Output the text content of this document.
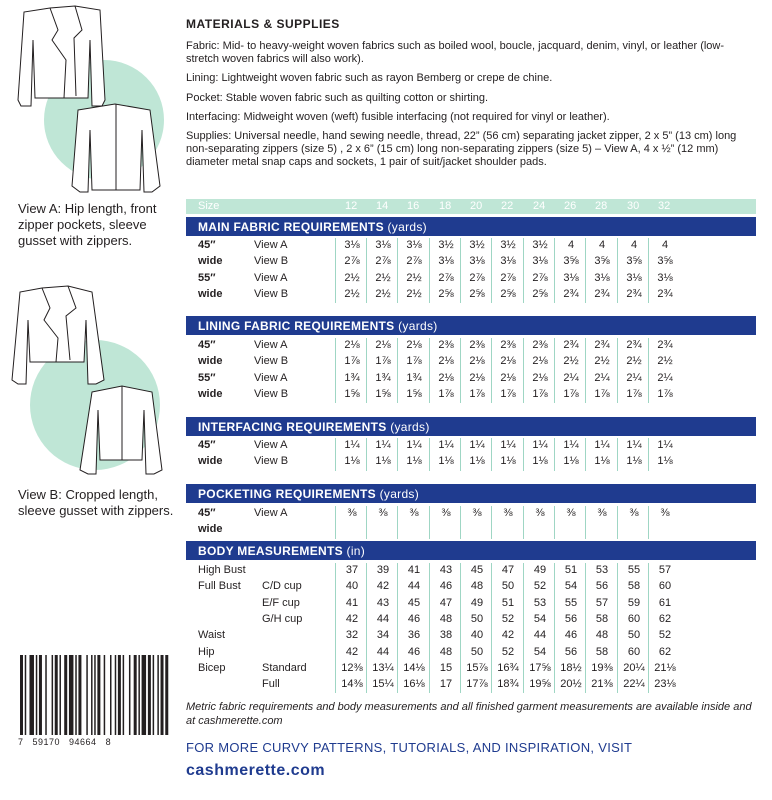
View A: Hip length, front zipper pockets, sleeve gusset with zippers.
View B: Cropped length, sleeve gusset with zippers.
7   59170   94664   8
MATERIALS & SUPPLIES
Fabric: Mid- to heavy-weight woven fabrics such as boiled wool, boucle, jacquard, denim, vinyl, or leather (low-stretch woven fabrics will also work).
Lining: Lightweight woven fabric such as rayon Bemberg or crepe de chine.
Pocket: Stable woven fabric such as quilting cotton or shirting.
Interfacing: Midweight woven (weft) fusible interfacing (not required for vinyl or leather).
Supplies: Universal needle, hand sewing needle, thread, 22” (56 cm) separating jacket zipper, 2 x 5” (13 cm) long non-separating zippers (size 5) , 2 x 6” (15 cm) long non-separating zippers (size 5) – View A, 4 x ½” (12 mm) diameter metal snap caps and sockets, 1 pair of suit/jacket shoulder pads.
Size	12 14 16 18 20 22 24 26 28 30 32
MAIN FABRIC REQUIREMENTS (yards)
45″	View A	3⅛	3⅛	3⅛	3½	3½	3½	3½	4	4	4	4
wide	View B	2⅞	2⅞	2⅞	3⅛	3⅛	3⅛	3⅛	3⅝	3⅝	3⅝	3⅝
55″	View A	2½	2½	2½	2⅞	2⅞	2⅞	2⅞	3⅛	3⅛	3⅛	3⅛
wide	View B	2½	2½	2½	2⅝	2⅝	2⅝	2⅝	2¾	2¾	2¾	2¾
LINING FABRIC REQUIREMENTS (yards)
45″	View A	2⅛	2⅛	2⅛	2⅜	2⅜	2⅜	2⅜	2¾	2¾	2¾	2¾
wide	View B	1⅞	1⅞	1⅞	2⅛	2⅛	2⅛	2⅛	2½	2½	2½	2½
55″	View A	1¾	1¾	1¾	2⅛	2⅛	2⅛	2⅛	2¼	2¼	2¼	2¼
wide	View B	1⅝	1⅝	1⅝	1⅞	1⅞	1⅞	1⅞	1⅞	1⅞	1⅞	1⅞
INTERFACING REQUIREMENTS (yards)
45″	View A	1¼	1¼	1¼	1¼	1¼	1¼	1¼	1¼	1¼	1¼	1¼
wide	View B	1⅛	1⅛	1⅛	1⅛	1⅛	1⅛	1⅛	1⅛	1⅛	1⅛	1⅛
POCKETING REQUIREMENTS (yards)
45″	View A	⅜	⅜	⅜	⅜	⅜	⅜	⅜	⅜	⅜	⅜	⅜
wide
BODY MEASUREMENTS (in)
High Bust	37	39	41	43	45	47	49	51	53	55	57
Full Bust C/D cup	40	42	44	46	48	50	52	54	56	58	60
E/F cup	41	43	45	47	49	51	53	55	57	59	61
G/H cup	42	44	46	48	50	52	54	56	58	60	62
Waist	32	34	36	38	40	42	44	46	48	50	52
Hip	42	44	46	48	50	52	54	56	58	60	62
Bicep	Standard	12⅜ 13¼ 14⅛	15	15⅞ 16¾ 17⅝ 18½ 19⅜ 20¼ 21⅛
Full	14⅜ 15¼ 16⅛	17	17⅞ 18¾ 19⅝ 20½ 21⅜ 22¼ 23⅛
Metric fabric requirements and body measurements and all finished garment measurements are available inside and at cashmerette.com
FOR MORE CURVY PATTERNS, TUTORIALS, AND INSPIRATION, VISIT
cashmerette.com
